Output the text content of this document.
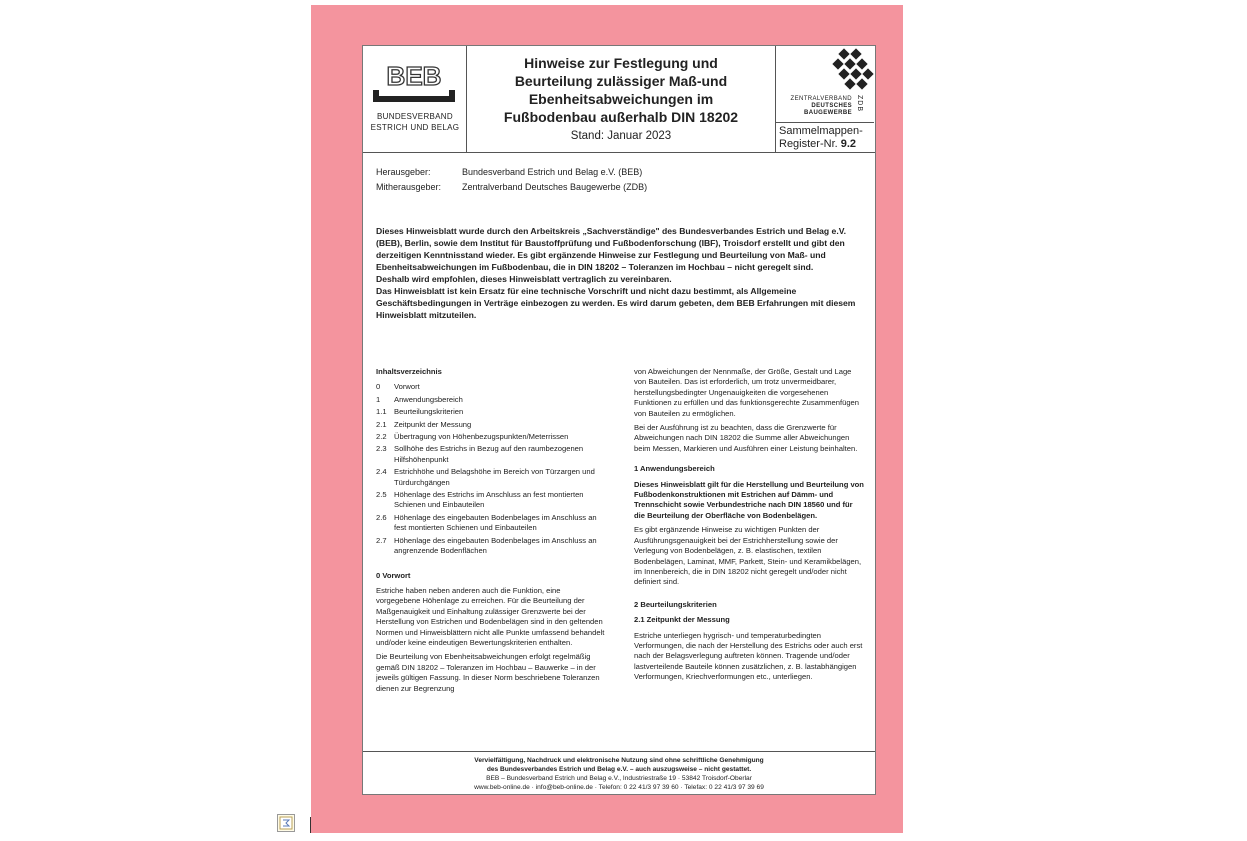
BEB
BUNDESVERBAND
ESTRICH UND BELAG
Hinweise zur Festlegung und
Beurteilung zulässiger Maß-und
Ebenheitsabweichungen im
Fußbodenbau außerhalb DIN 18202
Stand: Januar 2023
ZENTRALVERBAND
DEUTSCHES
BAUGEWERBE
ZDB
Sammelmappen-
Register-Nr. 9.2
Herausgeber:	Bundesverband Estrich und Belag e.V. (BEB)
Mitherausgeber:	Zentralverband Deutsches Baugewerbe (ZDB)
Dieses Hinweisblatt wurde durch den Arbeitskreis „Sachverständige" des Bundesverbandes Estrich und Belag e.V. (BEB), Berlin, sowie dem Institut für Baustoffprüfung und Fußbodenforschung (IBF), Troisdorf erstellt und gibt den derzeitigen Kenntnisstand wieder. Es gibt ergänzende Hinweise zur Festlegung und Beurteilung von Maß- und Ebenheitsabweichungen im Fußbodenbau, die in DIN 18202 – Toleranzen im Hochbau – nicht geregelt sind.
Deshalb wird empfohlen, dieses Hinweisblatt vertraglich zu vereinbaren.
Das Hinweisblatt ist kein Ersatz für eine technische Vorschrift und nicht dazu bestimmt, als Allgemeine Geschäftsbedingungen in Verträge einbezogen zu werden. Es wird darum gebeten, dem BEB Erfahrungen mit diesem Hinweisblatt mitzuteilen.
Inhaltsverzeichnis
0	Vorwort
1	Anwendungsbereich
1.1 Beurteilungskriterien
2.1 Zeitpunkt der Messung
2.2 Übertragung von Höhenbezugspunkten/Meterrissen
2.3 Sollhöhe des Estrichs in Bezug auf den raumbezogenen Hilfshöhenpunkt
2.4 Estrichhöhe und Belagshöhe im Bereich von Türzargen und Türdurchgängen
2.5 Höhenlage des Estrichs im Anschluss an fest montierten Schienen und Einbauteilen
2.6 Höhenlage des eingebauten Bodenbelages im Anschluss an fest montierten Schienen und Einbauteilen
2.7 Höhenlage des eingebauten Bodenbelages im Anschluss an angrenzende Bodenflächen
0 Vorwort

Estriche haben neben anderen auch die Funktion, eine vorgegebene Höhenlage zu erreichen. Für die Beurteilung der Maßgenauigkeit und Einhaltung zulässiger Grenzwerte bei der Herstellung von Estrichen und Bodenbelägen sind in den geltenden Normen und Hinweisblättern nicht alle Punkte umfassend behandelt und/oder keine eindeutigen Bewertungskriterien enthalten.

Die Beurteilung von Ebenheitsabweichungen erfolgt regelmäßig gemäß DIN 18202 – Toleranzen im Hochbau – Bauwerke – in der jeweils gültigen Fassung. In dieser Norm beschriebene Toleranzen dienen zur Begrenzung

von Abweichungen der Nennmaße, der Größe, Gestalt und Lage von Bauteilen. Das ist erforderlich, um trotz unvermeidbarer, herstellungsbedingter Ungenauigkeiten die vorgesehenen Funktionen zu erfüllen und das funktionsgerechte Zusammenfügen von Bauteilen zu ermöglichen.

Bei der Ausführung ist zu beachten, dass die Grenzwerte für Abweichungen nach DIN 18202 die Summe aller Abweichungen beim Messen, Markieren und Ausführen einer Leistung beinhalten.

1 Anwendungsbereich

Dieses Hinweisblatt gilt für die Herstellung und Beurteilung von Fußbodenkonstruktionen mit Estrichen auf Dämm- und Trennschicht sowie Verbundestriche nach DIN 18560 und für die Beurteilung der Oberfläche von Bodenbelägen.

Es gibt ergänzende Hinweise zu wichtigen Punkten der Ausführungsgenauigkeit bei der Estrichherstellung sowie der Verlegung von Bodenbelägen, z. B. elastischen, textilen Bodenbelägen, Laminat, MMF, Parkett, Stein- und Keramikbelägen, im Innenbereich, die in DIN 18202 nicht geregelt und/oder nicht definiert sind.

2 Beurteilungskriterien
2.1 Zeitpunkt der Messung

Estriche unterliegen hygrisch- und temperaturbedingten Verformungen, die nach der Herstellung des Estrichs oder auch erst nach der Belagsverlegung auftreten können. Tragende und/oder lastverteilende Bauteile können zusätzlichen, z. B. lastabhängigen Verformungen, Kriechverformungen etc., unterliegen.

Vervielfältigung, Nachdruck und elektronische Nutzung sind ohne schriftliche Genehmigung
des Bundesverbandes Estrich und Belag e.V. – auch auszugsweise – nicht gestattet.
BEB – Bundesverband Estrich und Belag e.V., Industriestraße 19 · 53842 Troisdorf-Oberlar
www.beb-online.de · info@beb-online.de · Telefon: 0 22 41/3 97 39 60 · Telefax: 0 22 41/3 97 39 69
